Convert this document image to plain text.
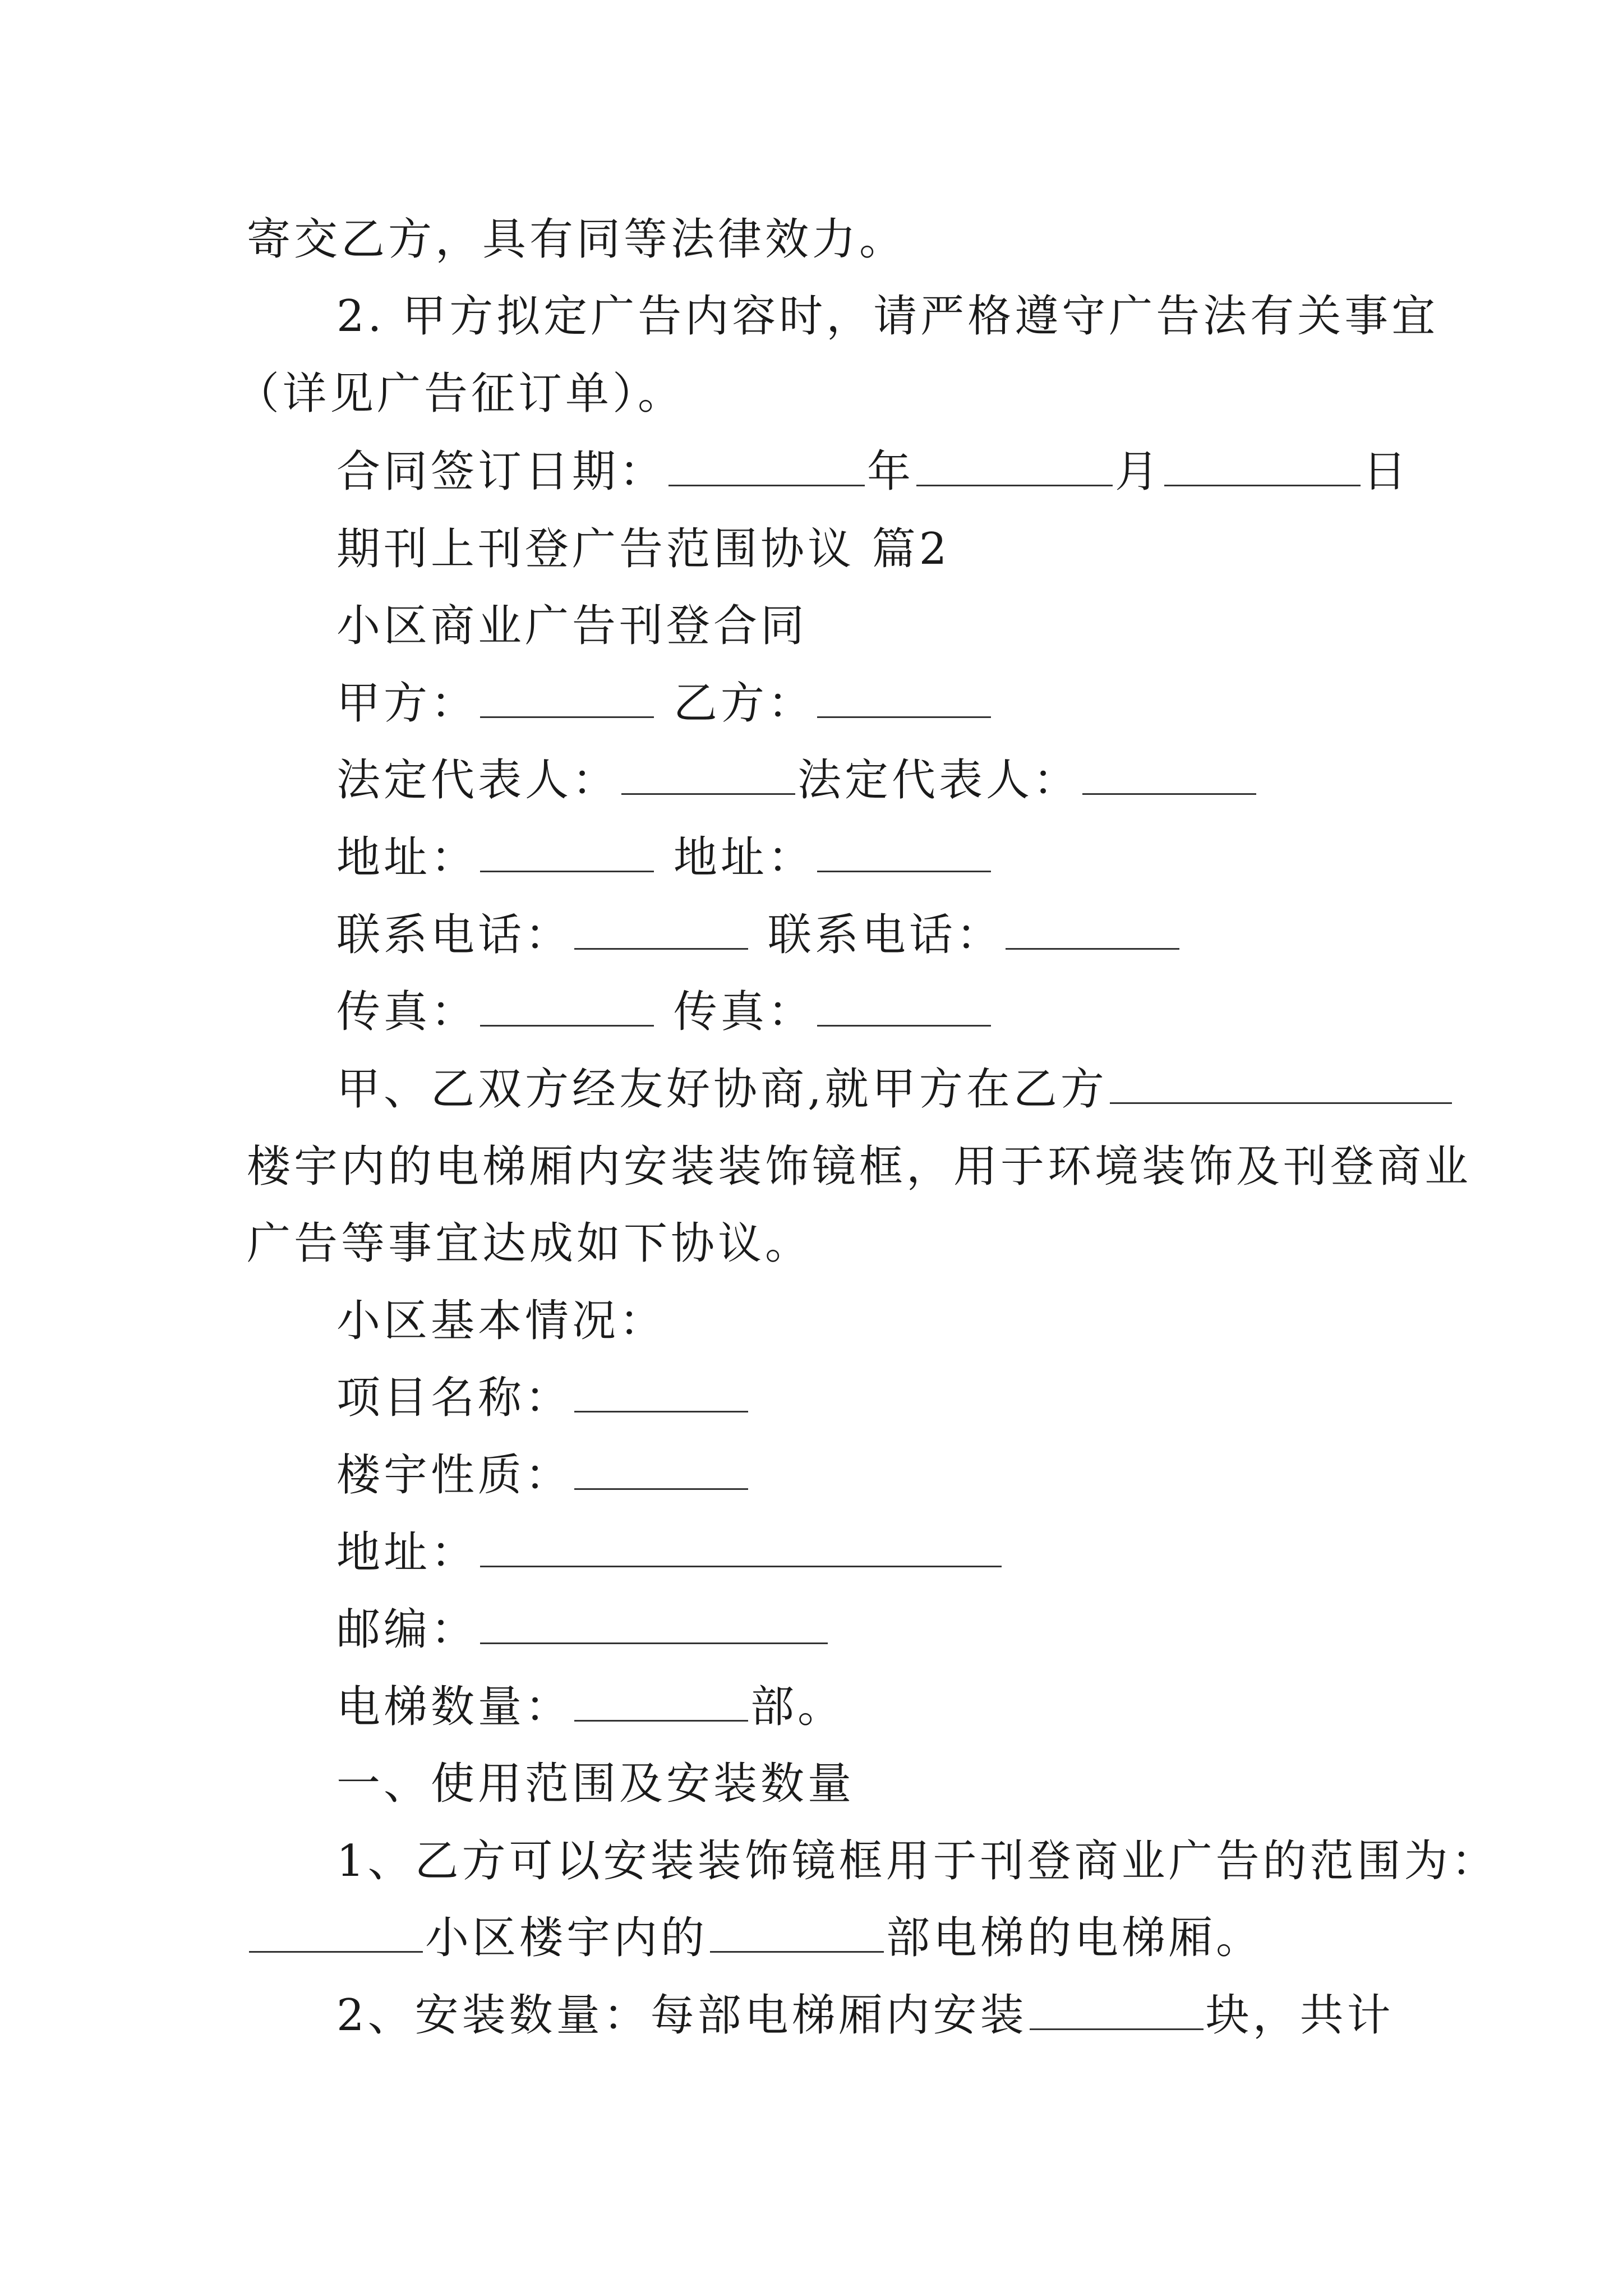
寄交乙方，具有同等法律效力。
2. 甲方拟定广告内容时，请严格遵守广告法有关事宜
（详见广告征订单）。
合同签订日期：	年	月	日
期刊上刊登广告范围协议 篇2
小区商业广告刊登合同
甲方：	乙方：
法定代表人：	法定代表人：
地址：	地址：
联系电话：	联系电话：
传真：	传真：
甲、乙双方经友好协商,就甲方在乙方
楼宇内的电梯厢内安装装饰镜框，用于环境装饰及刊登商业
广告等事宜达成如下协议。
小区基本情况：
项目名称：
楼宇性质：
地址：
邮编：
电梯数量：	部。
一、使用范围及安装数量
1、乙方可以安装装饰镜框用于刊登商业广告的范围为：
小区楼宇内的	部电梯的电梯厢。
2、安装数量：每部电梯厢内安装	块，共计
